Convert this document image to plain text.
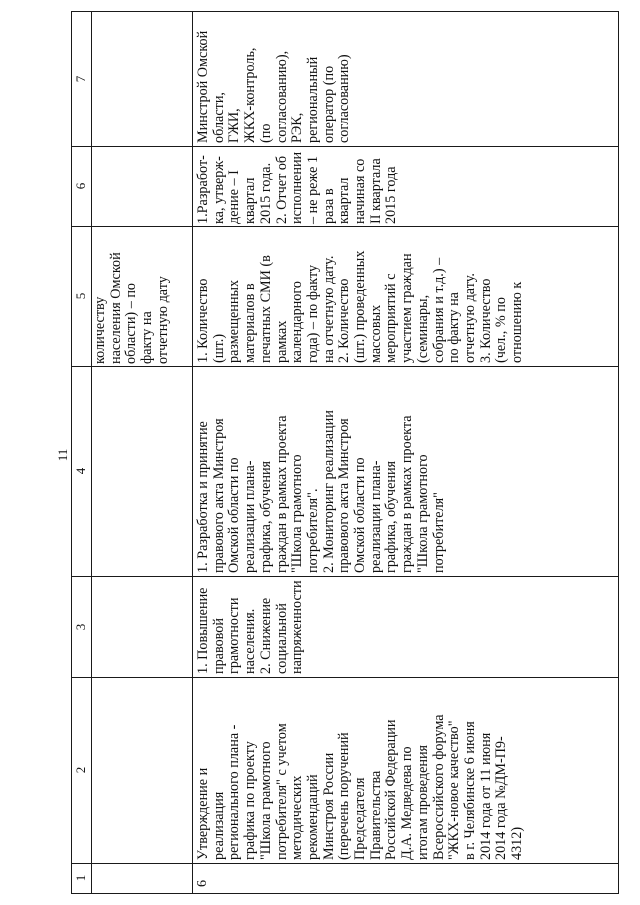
11
1
2
3
4
5
6
7
количеству
населения Омской
области) – по
факту на
отчетную дату
6
Утверждение и
реализация
регионального плана -
графика по проекту
"Школа грамотного
потребителя" с учетом
методических
рекомендаций
Минстроя России
(перечень поручений
Председателя
Правительства
Российской Федерации
Д.А. Медведева по
итогам проведения
Всероссийского форума
"ЖКХ-новое качество"
в г. Челябинске 6 июня
2014 года от 11 июня
2014 года №ДМ-П9-
4312)
1. Повышение
правовой
грамотности
населения.
2. Снижение
социальной
напряженности
1. Разработка и принятие
правового акта Минстроя
Омской области по
реализации плана-
графика, обучения
граждан в рамках проекта
"Школа грамотного
потребителя".
2. Мониторинг реализации
правового акта Минстроя
Омской области по
реализации плана-
графика, обучения
граждан в рамках проекта
"Школа грамотного
потребителя"
1. Количество
(шт.)
размещенных
материалов в
печатных СМИ (в
рамках
календарного
года) – по факту
на отчетную дату.
2. Количество
(шт.) проведенных
массовых
мероприятий с
участием граждан
(семинары,
собрания и т.д.) –
по факту на
отчетную дату.
3. Количество
(чел., % по
отношению к
1.Разработ-
ка, утверж-
дение – I
квартал
2015 года.
2. Отчет об
исполнении
– не реже 1
раза в
квартал
начиная со
II квартала
2015 года
Минстрой Омской
области,
ГЖИ,
ЖКХ-контроль,
(по
согласованию),
РЭК,
региональный
оператор (по
согласованию)
